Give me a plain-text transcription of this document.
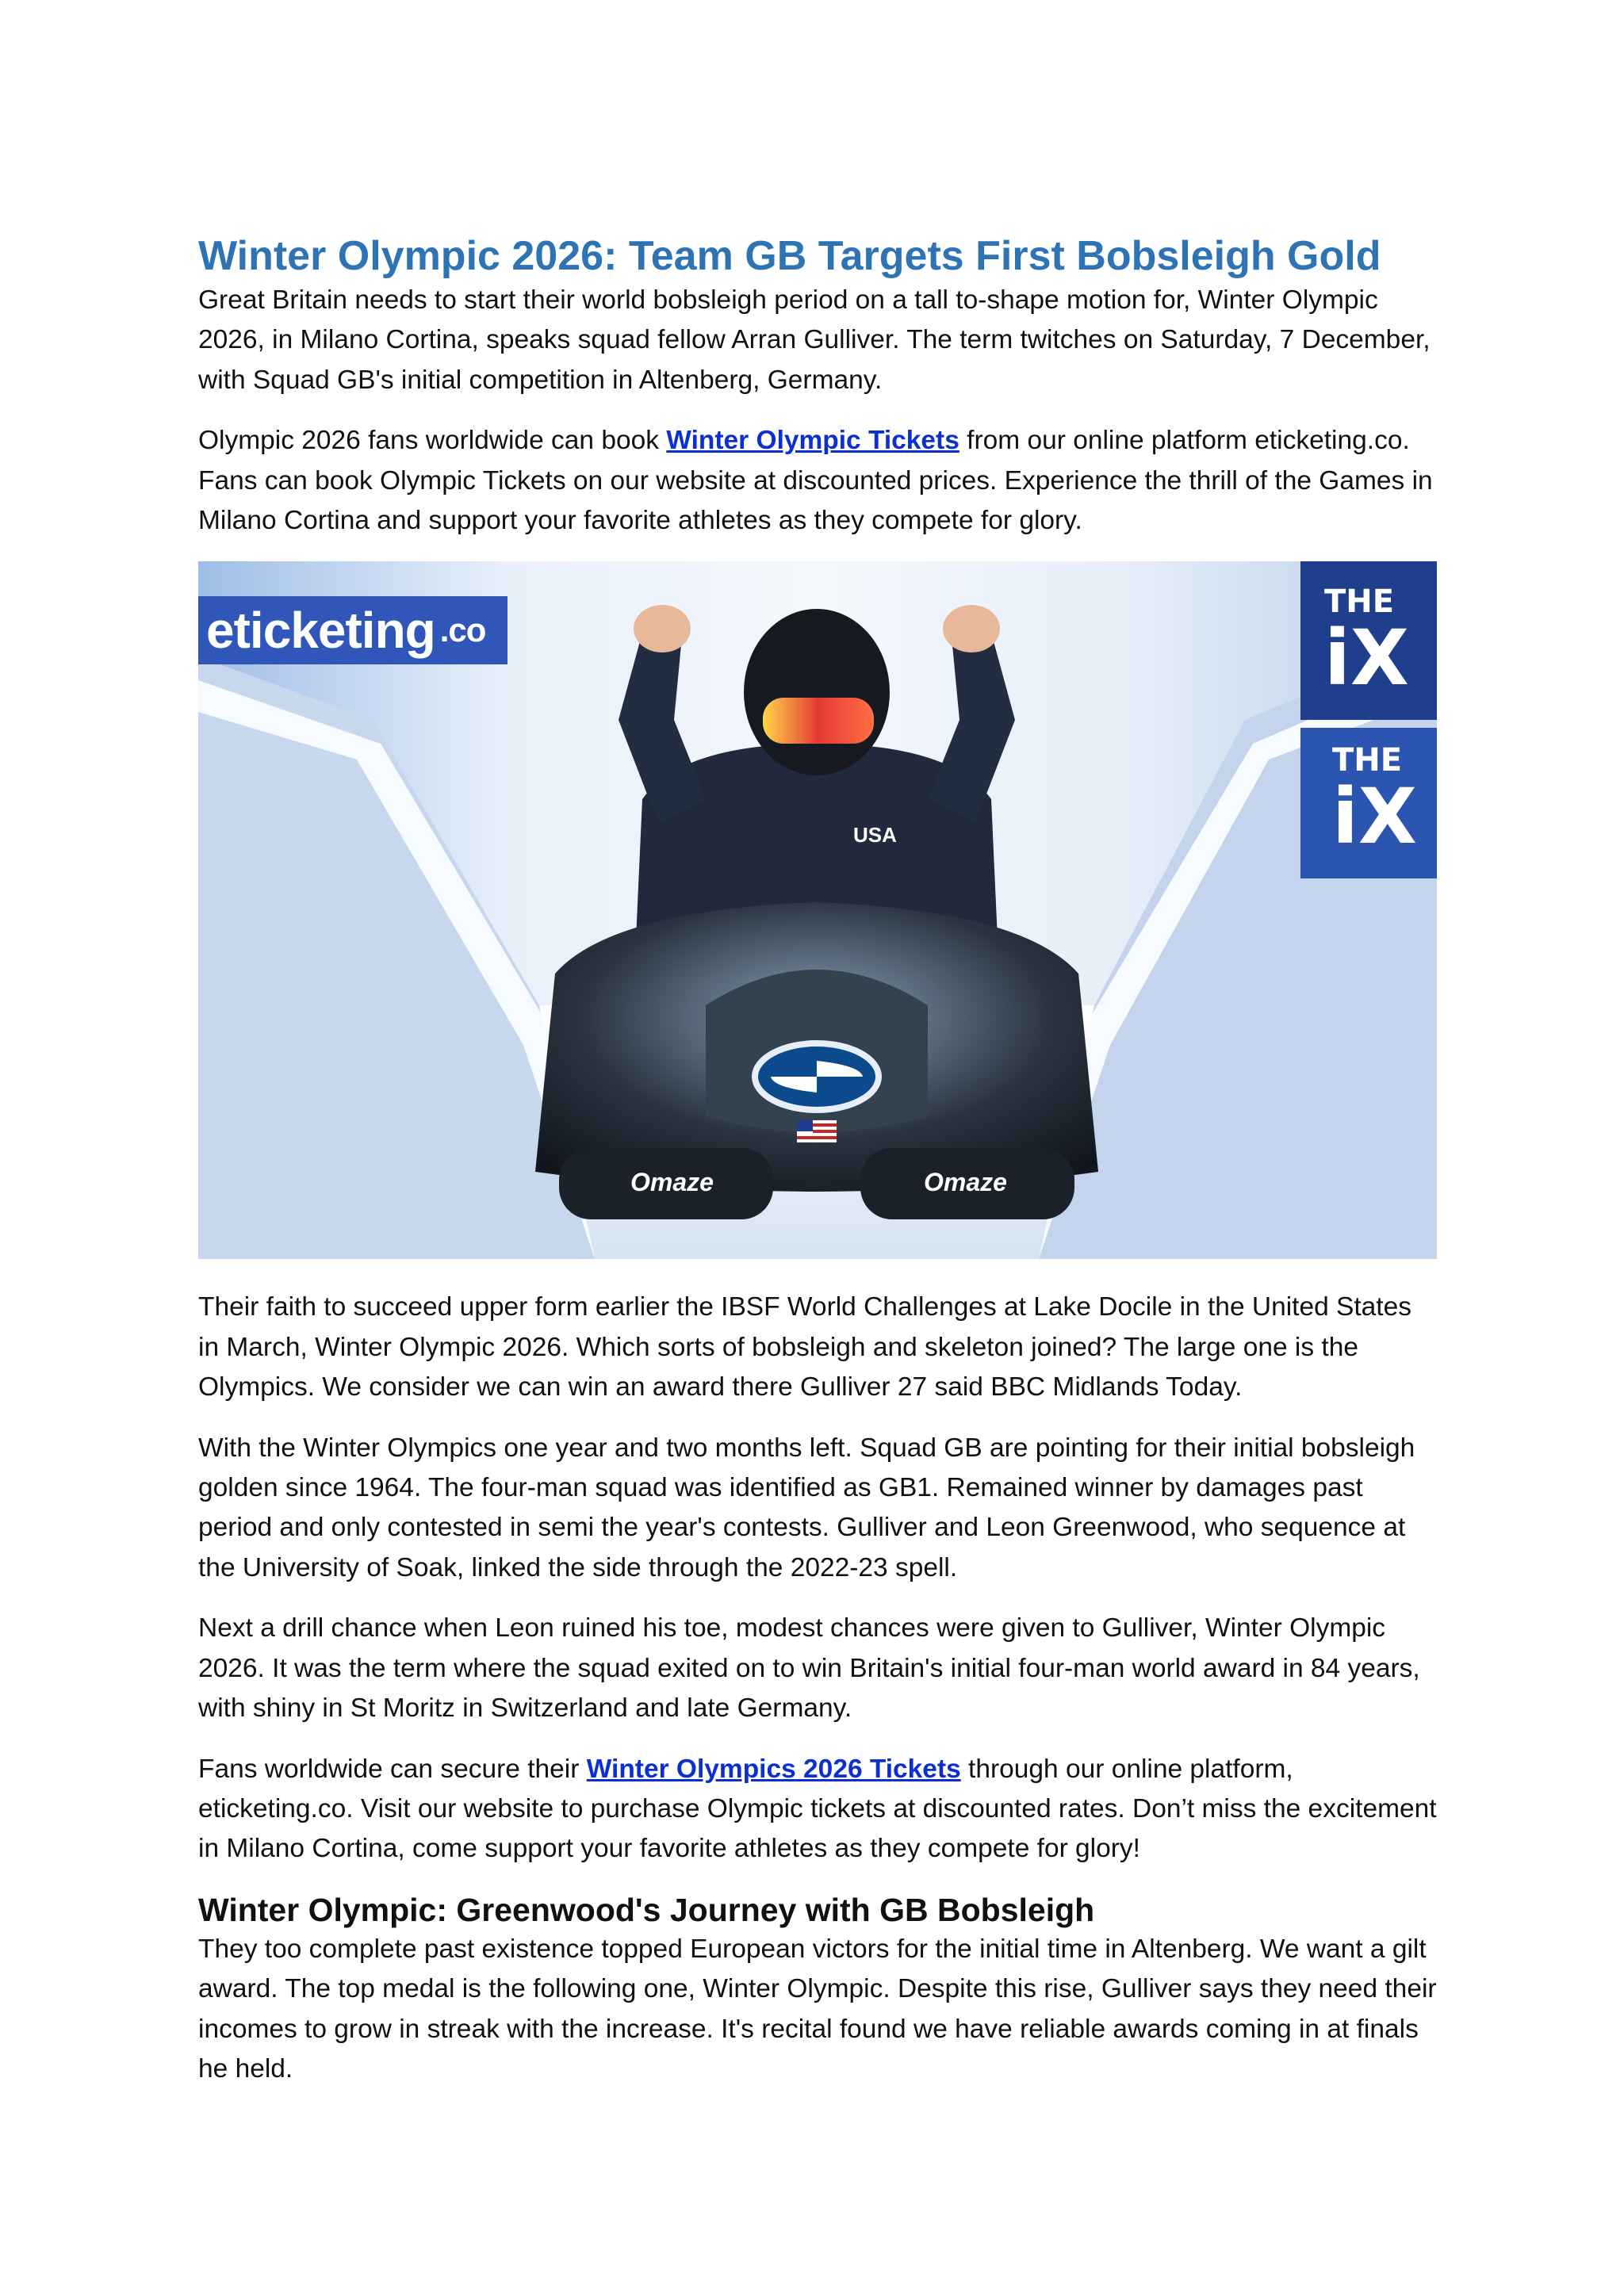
Winter Olympic 2026: Team GB Targets First Bobsleigh Gold

Great Britain needs to start their world bobsleigh period on a tall to-shape motion for, Winter Olympic 2026, in Milano Cortina, speaks squad fellow Arran Gulliver. The term twitches on Saturday, 7 December, with Squad GB's initial competition in Altenberg, Germany.

Olympic 2026 fans worldwide can book Winter Olympic Tickets from our online platform eticketing.co. Fans can book Olympic Tickets on our website at discounted prices. Experience the thrill of the Games in Milano Cortina and support your favorite athletes as they compete for glory.

eticketing $^{.co}$
THE
iX
THE
iX
USA
Omaze	Omaze

Their faith to succeed upper form earlier the IBSF World Challenges at Lake Docile in the United States in March, Winter Olympic 2026. Which sorts of bobsleigh and skeleton joined? The large one is the Olympics. We consider we can win an award there Gulliver 27 said BBC Midlands Today.

With the Winter Olympics one year and two months left. Squad GB are pointing for their initial bobsleigh golden since 1964. The four-man squad was identified as GB1. Remained winner by damages past period and only contested in semi the year's contests. Gulliver and Leon Greenwood, who sequence at the University of Soak, linked the side through the 2022-23 spell.

Next a drill chance when Leon ruined his toe, modest chances were given to Gulliver, Winter Olympic 2026. It was the term where the squad exited on to win Britain's initial four-man world award in 84 years, with shiny in St Moritz in Switzerland and late Germany.

Fans worldwide can secure their Winter Olympics 2026 Tickets through our online platform, eticketing.co. Visit our website to purchase Olympic tickets at discounted rates. Don’t miss the excitement in Milano Cortina, come support your favorite athletes as they compete for glory!

Winter Olympic: Greenwood's Journey with GB Bobsleigh

They too complete past existence topped European victors for the initial time in Altenberg. We want a gilt award. The top medal is the following one, Winter Olympic. Despite this rise, Gulliver says they need their incomes to grow in streak with the increase. It's recital found we have reliable awards coming in at finals he held.
